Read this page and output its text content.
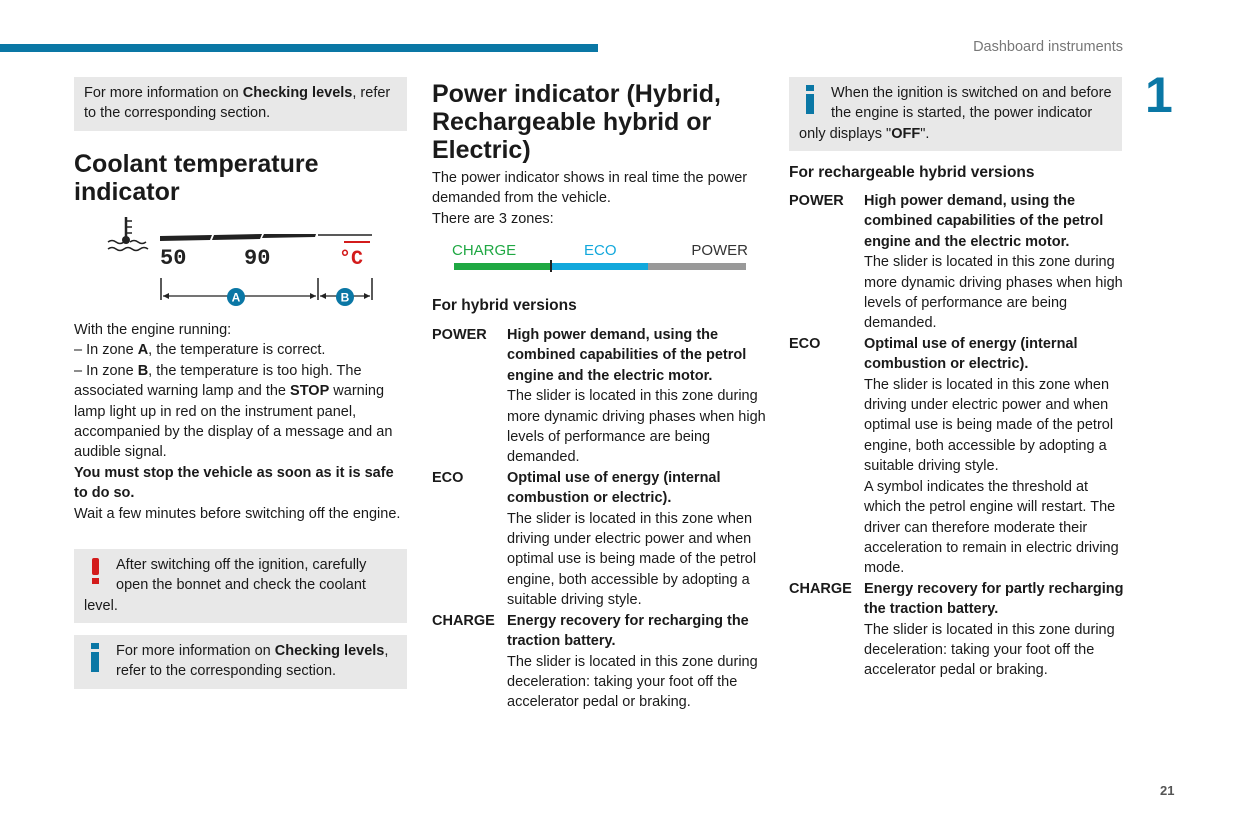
Dashboard instruments
1
21
For more information on Checking levels, refer to the corresponding section.
Coolant temperature indicator
50	90	°C
A	B

With the engine running:

– In zone A, the temperature is correct.

– In zone B, the temperature is too high. The associated warning lamp and the STOP warning lamp light up in red on the instrument panel, accompanied by the display of a message and an audible signal.

You must stop the vehicle as soon as it is safe to do so.

Wait a few minutes before switching off the engine.

After switching off the ignition, carefully open the bonnet and check the coolant level.
For more information on Checking levels, refer to the corresponding section.
Power indicator (Hybrid, Rechargeable hybrid or Electric)

The power indicator shows in real time the power demanded from the vehicle.

There are 3 zones:

CHARGE	ECO	POWER
For hybrid versions
POWER High power demand, using the combined capabilities of the petrol engine and the electric motor.
The slider is located in this zone during more dynamic driving phases when high levels of performance are being demanded.
ECO	Optimal use of energy (internal combustion or electric).
The slider is located in this zone when driving under electric power and when optimal use is being made of the petrol engine, both accessible by adopting a suitable driving style.
CHARGE Energy recovery for recharging the traction battery.
The slider is located in this zone during deceleration: taking your foot off the accelerator pedal or braking.
When the ignition is switched on and before the engine is started, the power indicator only displays "OFF".
For rechargeable hybrid versions
POWER High power demand, using the combined capabilities of the petrol engine and the electric motor.
The slider is located in this zone during more dynamic driving phases when high levels of performance are being demanded.
ECO	Optimal use of energy (internal combustion or electric).
The slider is located in this zone when driving under electric power and when optimal use is being made of the petrol engine, both accessible by adopting a suitable driving style.
A symbol indicates the threshold at which the petrol engine will restart. The driver can therefore moderate their acceleration to remain in electric driving mode.
CHARGE Energy recovery for partly recharging the traction battery.
The slider is located in this zone during deceleration: taking your foot off the accelerator pedal or braking.
